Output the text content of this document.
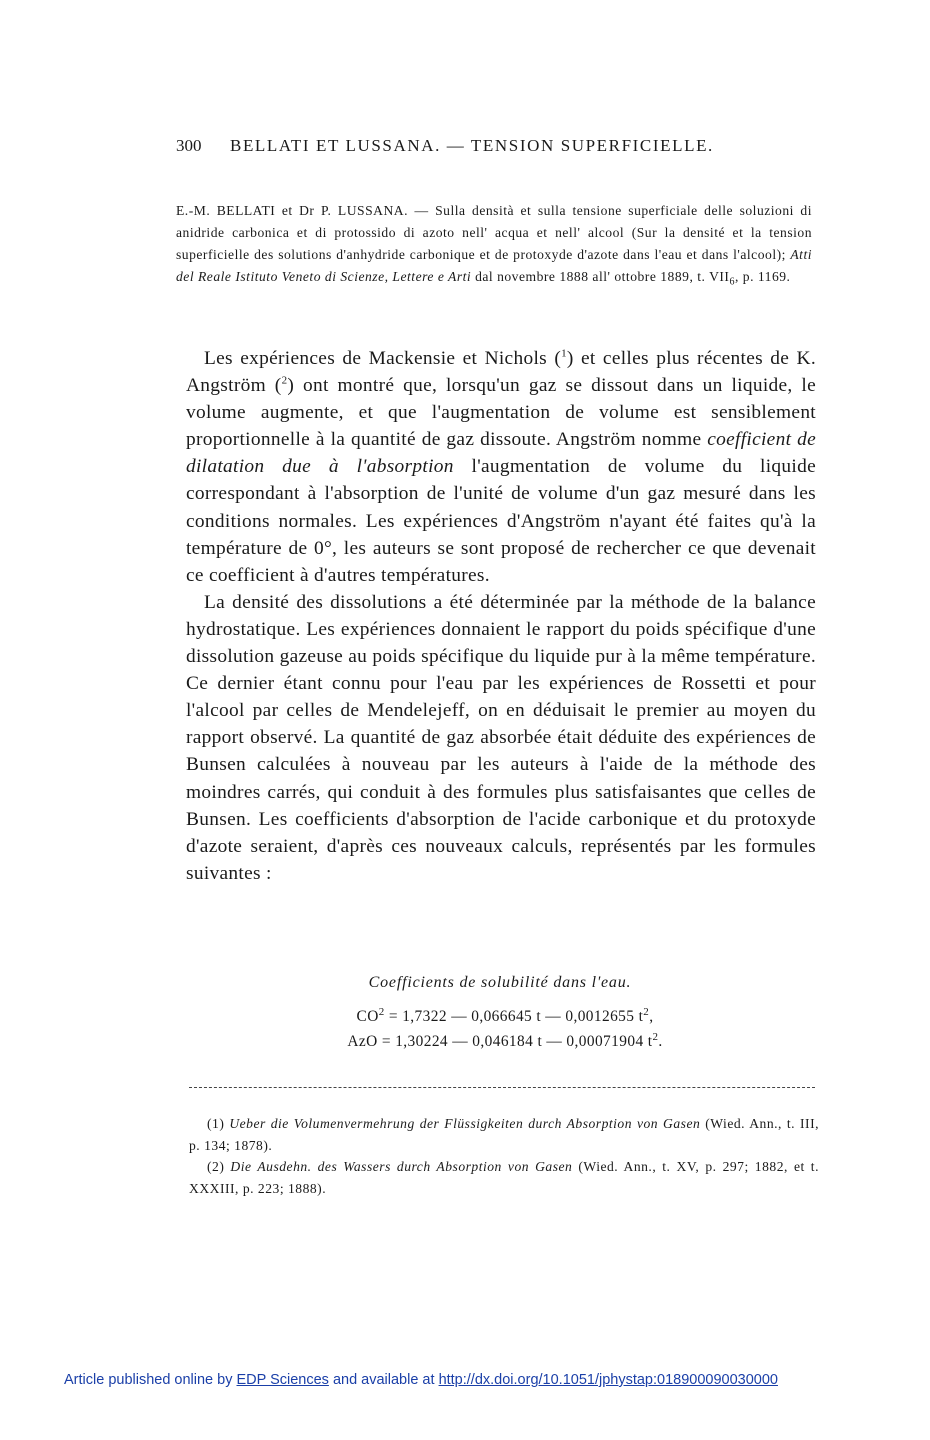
300 BELLATI ET LUSSANA. — TENSION SUPERFICIELLE.
E.-M. BELLATI et Dr P. LUSSANA. — Sulla densità et sulla tensione superficiale delle soluzioni di anidride carbonica et di protossido di azoto nell' acqua et nell' alcool (Sur la densité et la tension superficielle des solutions d'anhydride carbonique et de protoxyde d'azote dans l'eau et dans l'alcool); Atti del Reale Istituto Veneto di Scienze, Lettere e Arti dal novembre 1888 all' ottobre 1889, t. $VII_6$, p. 1169.

Les expériences de Mackensie et Nichols ($^1$) et celles plus récentes de K. Angström ($^2$) ont montré que, lorsqu'un gaz se dissout dans un liquide, le volume augmente, et que l'augmentation de volume est sensiblement proportionnelle à la quantité de gaz dissoute. Angström nomme coefficient de dilatation due à l'absorption l'augmentation de volume du liquide correspondant à l'absorption de l'unité de volume d'un gaz mesuré dans les conditions normales. Les expériences d'Angström n'ayant été faites qu'à la température de 0°, les auteurs se sont proposé de rechercher ce que devenait ce coefficient à d'autres températures.

La densité des dissolutions a été déterminée par la méthode de la balance hydrostatique. Les expériences donnaient le rapport du poids spécifique d'une dissolution gazeuse au poids spécifique du liquide pur à la même température. Ce dernier étant connu pour l'eau par les expériences de Rossetti et pour l'alcool par celles de Mendelejeff, on en déduisait le premier au moyen du rapport observé. La quantité de gaz absorbée était déduite des expériences de Bunsen calculées à nouveau par les auteurs à l'aide de la méthode des moindres carrés, qui conduit à des formules plus satisfaisantes que celles de Bunsen. Les coefficients d'absorption de l'acide carbonique et du protoxyde d'azote seraient, d'après ces nouveaux calculs, représentés par les formules suivantes :

Coefficients de solubilité dans l'eau.
$CO^2 = 1,7322$ — 0,066645 t — 0,0012655 $t^2$,
AzO = 1,30224 — 0,046184 t — 0,00071904 $t^2$.
(1) Ueber die Volumenvermehrung der Flüssigkeiten durch Absorption von Gasen (Wied. Ann., t. III, p. 134; 1878).
(2) Die Ausdehn. des Wassers durch Absorption von Gasen (Wied. Ann., t. XV, p. 297; 1882, et t. XXXIII, p. 223; 1888).
Article published online by EDP Sciences and available at http://dx.doi.org/10.1051/jphystap:018900090030000
